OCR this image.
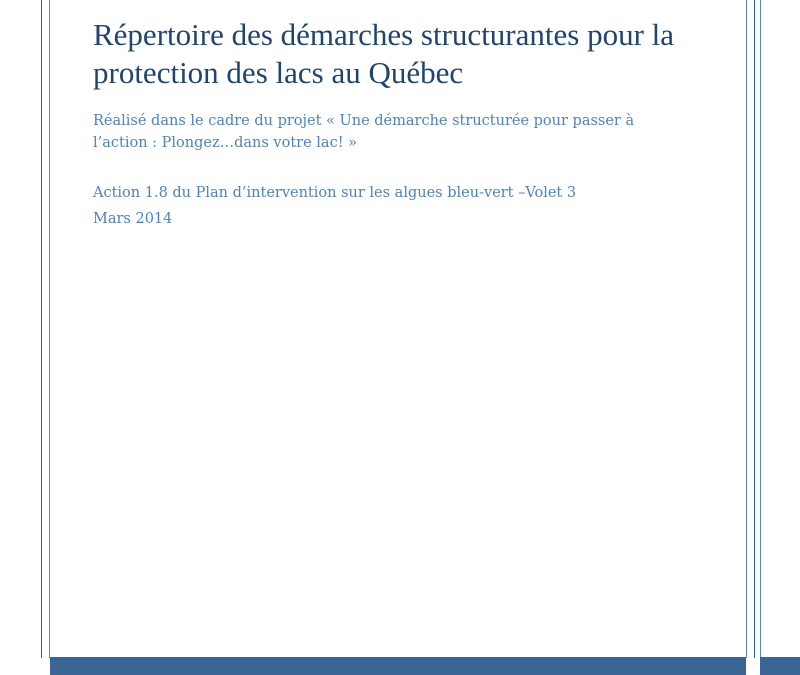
Répertoire des démarches structurantes pour la protection des lacs au Québec

Réalisé dans le cadre du projet « Une démarche structurée pour passer à l’action : Plongez…dans votre lac! »

Action 1.8 du Plan d’intervention sur les algues bleu-vert –Volet 3
Mars 2014
